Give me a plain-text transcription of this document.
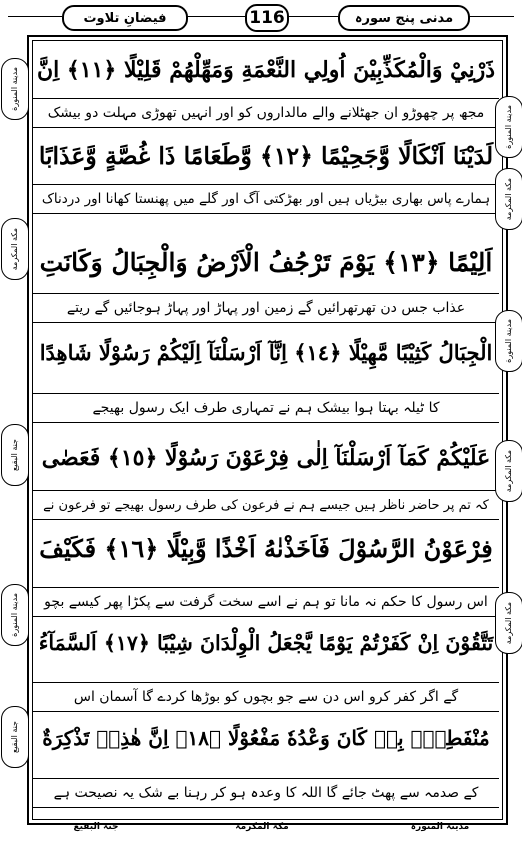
فیضانِ تلاوت	116	مدنی پنج سورہ
ذَرْنِيْ وَالْمُكَذِّبِيْنَ اُولِي النَّعْمَةِ وَمَهِّلْهُمْ قَلِيْلًا ﴿١١﴾ اِنَّ
مجھ پر چھوڑو ان جھٹلانے والے مالداروں کو اور انہیں تھوڑی مہلت دو بیشک
لَدَيْنَا اَنْكَالًا وَّجَحِيْمًا ﴿١٢﴾ وَّطَعَامًا ذَا غُصَّةٍ وَّعَذَابًا
ہمارے پاس بھاری بیڑیاں ہیں اور بھڑکتی آگ اور گلے میں پھنستا کھانا اور دردناک
اَلِيْمًا ﴿١٣﴾ يَوْمَ تَرْجُفُ الْاَرْضُ وَالْجِبَالُ وَكَانَتِ
عذاب جس دن تھرتھرائیں گے زمین اور پہاڑ اور پہاڑ ہوجائیں گے ریتے
الْجِبَالُ كَثِيْبًا مَّهِيْلًا ﴿١٤﴾ اِنَّآ اَرْسَلْنَآ اِلَيْكُمْ رَسُوْلًا شَاهِدًا
کا ٹیلہ بہتا ہوا بیشک ہم نے تمہاری طرف ایک رسول بھیجے
عَلَيْكُمْ كَمَآ اَرْسَلْنَآ اِلٰى فِرْعَوْنَ رَسُوْلًا ﴿١٥﴾ فَعَصٰى
کہ تم پر حاضر ناظر ہیں جیسے ہم نے فرعون کی طرف رسول بھیجے تو فرعون نے
فِرْعَوْنُ الرَّسُوْلَ فَاَخَذْنٰهُ اَخْذًا وَّبِيْلًا ﴿١٦﴾ فَكَيْفَ
اس رسول کا حکم نہ مانا تو ہم نے اسے سخت گرفت سے پکڑا پھر کیسے بچو
تَتَّقُوْنَ اِنْ كَفَرْتُمْ يَوْمًا يَّجْعَلُ الْوِلْدَانَ شِيْبًا ﴿١٧﴾ اَلسَّمَآءُ
گے اگر کفر کرو اس دن سے جو بچوں کو بوڑھا کردے گا آسمان اس
مُنْفَطِرٌۢ بِهٖ كَانَ وَعْدُهٗ مَفْعُوْلًا ﴿١٨﴾ اِنَّ هٰذِهٖ تَذْكِرَةٌ
کے صدمہ سے پھٹ جائے گا اللہ کا وعدہ ہو کر رہنا بے شک یہ نصیحت ہے
مدينة المنورة
مكة المكرمة
جنة البقيع
مدينة المنورة
جنة البقيع
مدينة المنورة
مكة المكرمة
مدينة المنورة
مكة المكرمة
مكة المكرمة
مدینۃ المنورۃ
مکۃ المکرمۃ
جنۃ البقیع
